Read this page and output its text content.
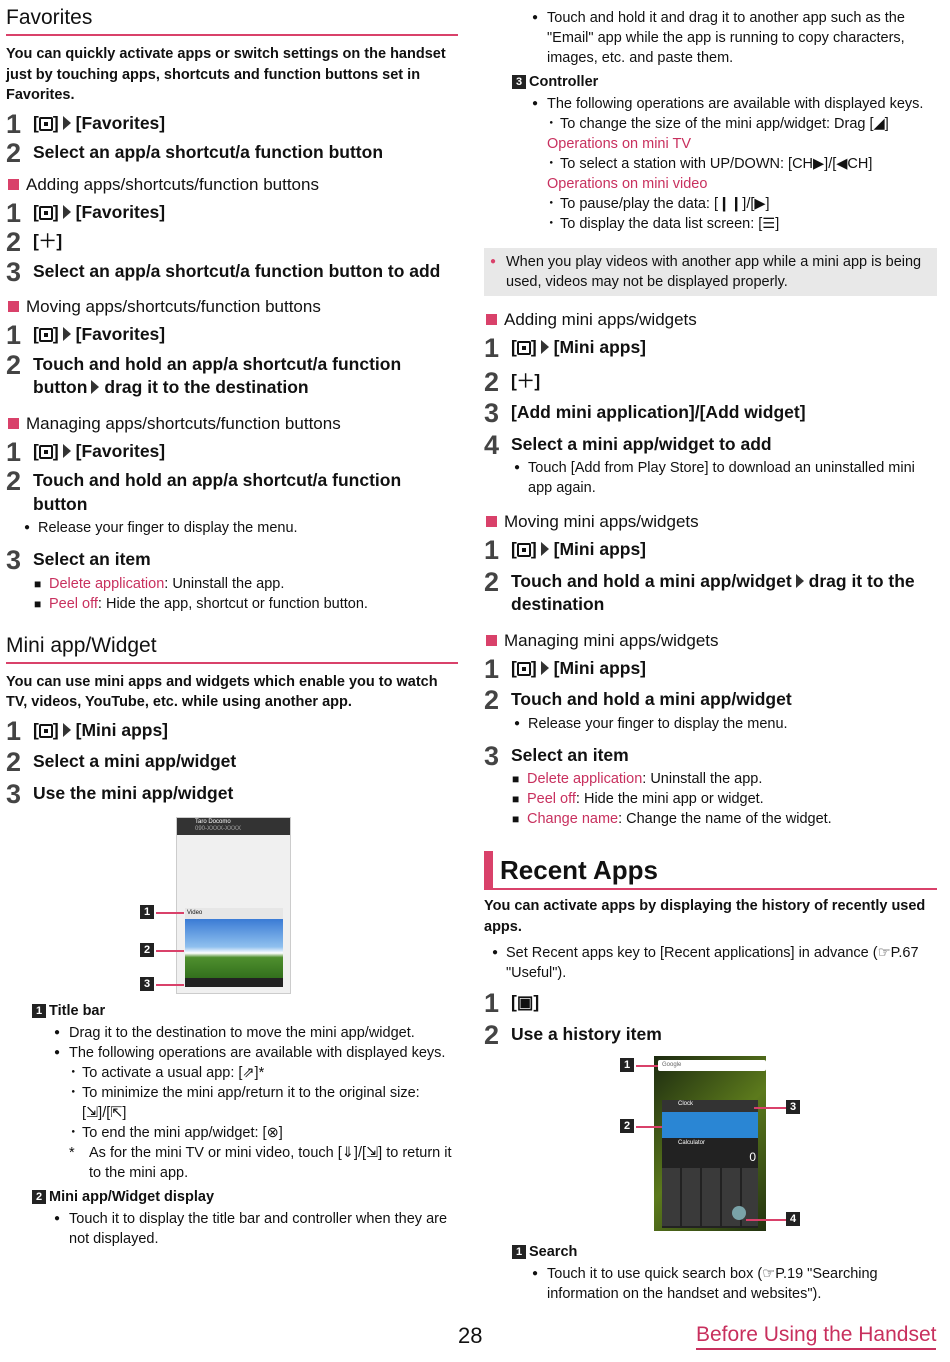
Favorites

You can quickly activate apps or switch settings on the handset just by touching apps, shortcuts and function buttons set in Favorites.

1 [ ] [Favorites]
2 Select an app/a shortcut/a function button
Adding apps/shortcuts/function buttons
1 [ ] [Favorites]
2 [＋]
3 Select an app/a shortcut/a function button to add
Moving apps/shortcuts/function buttons
1 [ ] [Favorites]
2 Touch and hold an app/a shortcut/a function button drag it to the destination
Managing apps/shortcuts/function buttons
1 [ ] [Favorites]
2 Touch and hold an app/a shortcut/a function button
● Release your finger to display the menu.
3 Select an item
■ Delete application: Uninstall the app.
■ Peel off: Hide the app, shortcut or function button.
Mini app/Widget

You can use mini apps and widgets which enable you to watch TV, videos, YouTube, etc. while using another app.

1 [ ] [Mini apps]
2 Select a mini app/widget
3 Use the mini app/widget
Taro Docomo
090-XXXX-XXXX
Video
1
2
3
1 Title bar
● Drag it to the destination to move the mini app/widget.
● The following operations are available with displayed keys.
・ To activate a usual app: [⇗]*
・ To minimize the mini app/return it to the original size: [⇲]/[⇱]
・ To end the mini app/widget: [⊗]
* As for the mini TV or mini video, touch [⇓]/[⇲] to return it to the mini app.
2 Mini app/Widget display
● Touch it to display the title bar and controller when they are not displayed.
● Touch and hold it and drag it to another app such as the "Email" app while the app is running to copy characters, images, etc. and paste them.
3 Controller
● The following operations are available with displayed keys.
・ To change the size of the mini app/widget: Drag [◢]
Operations on mini TV
・ To select a station with UP/DOWN: [CH▶]/[◀CH]
Operations on mini video
・ To pause/play the data: [❙❙]/[▶]
・ To display the data list screen: [☰]
● When you play videos with another app while a mini app is being used, videos may not be displayed properly.
Adding mini apps/widgets
1 [ ] [Mini apps]
2 [＋]
3 [Add mini application]/[Add widget]
4 Select a mini app/widget to add
● Touch [Add from Play Store] to download an uninstalled mini app again.
Moving mini apps/widgets
1 [ ] [Mini apps]
2 Touch and hold a mini app/widget drag it to the destination
Managing mini apps/widgets
1 [ ] [Mini apps]
2 Touch and hold a mini app/widget
● Release your finger to display the menu.
3 Select an item
■ Delete application: Uninstall the app.
■ Peel off: Hide the mini app or widget.
■ Change name: Change the name of the widget.
Recent Apps

You can activate apps by displaying the history of recently used apps.

● Set Recent apps key to [Recent applications] in advance (☞P.67 "Useful").
1 [▣]
2 Use a history item
Google
Clock
Calculator
0
1
2
3
4
1 Search
● Touch it to use quick search box (☞P.19 "Searching information on the handset and websites").
28	Before Using the Handset
